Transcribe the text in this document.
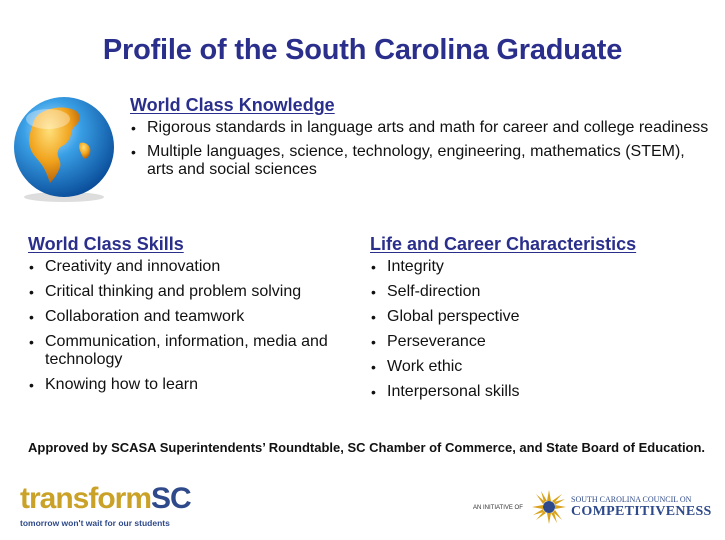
Profile of the South Carolina Graduate
World Class Knowledge
• Rigorous standards in language arts and math for career and college readiness
• Multiple languages, science, technology, engineering, mathematics (STEM), arts and social sciences
World Class Skills
• Creativity and innovation
• Critical thinking and problem solving
• Collaboration and teamwork
• Communication, information, media and technology
• Knowing how to learn
Life and Career Characteristics
• Integrity
• Self-direction
• Global perspective
• Perseverance
• Work ethic
• Interpersonal skills
Approved by SCASA Superintendents’ Roundtable, SC Chamber of Commerce, and State Board of Education.
transformSC
tomorrow won't wait for our students
AN INITIATIVE OF
SOUTH CAROLINA COUNCIL ON
COMPETITIVENESS
